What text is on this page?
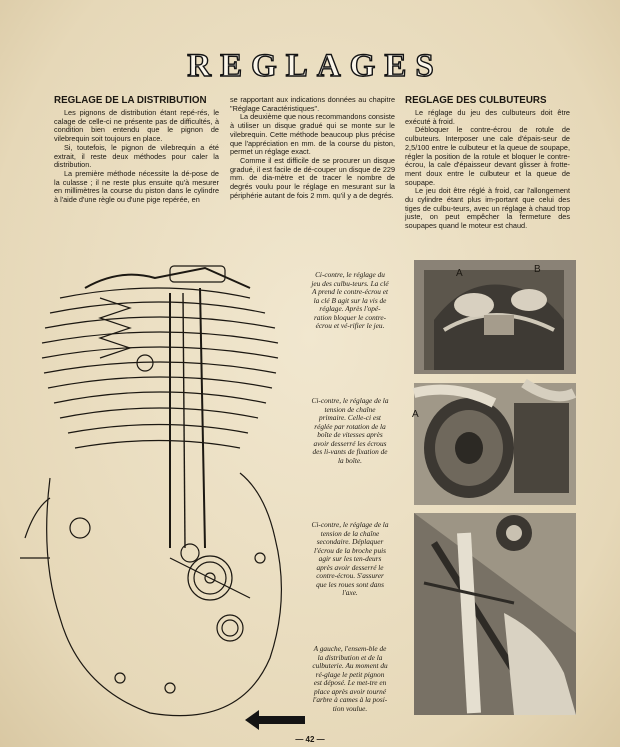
REGLAGES
REGLAGE DE LA DISTRIBUTION

Les pignons de distribution étant repé-rés, le calage de celle-ci ne présente pas de difficultés, à condition bien entendu que le pignon de vilebrequin soit toujours en place.

Si, toutefois, le pignon de vilebrequin a été extrait, il reste deux méthodes pour caler la distribution.

La première méthode nécessite la dé-pose de la culasse ; il ne reste plus ensuite qu'à mesurer en millimètres la course du piston dans le cylindre à l'aide d'une règle ou d'une pige repérée, en

se rapportant aux indications données au chapitre "Réglage Caractéristiques".

La deuxième que nous recommandons consiste à utiliser un disque gradué qui se monte sur le vilebrequin. Cette méthode beaucoup plus précise que l'appréciation en mm. de la course du piston, permet un réglage exact.

Comme il est difficile de se procurer un disque gradué, il est facile de dé-couper un disque de 229 mm. de dia-mètre et de tracer le nombre de degrés voulu pour le réglage en mesurant sur la périphérie autant de fois 2 mm. qu'il y a de degrés.

REGLAGE DES CULBUTEURS

Le réglage du jeu des culbuteurs doit être exécuté à froid.

Débloquer le contre-écrou de rotule de culbuteurs. Interposer une cale d'épais-seur de 2,5/100 entre le culbuteur et la queue de soupape, régler la position de la rotule et bloquer le contre-écrou, la cale d'épaisseur devant glisser à frotte-ment doux entre le culbuteur et la queue de soupape.

Le jeu doit être réglé à froid, car l'allongement du cylindre étant plus im-portant que celui des tiges de culbu-teurs, avec un réglage à chaud trop juste, on peut empêcher la fermeture des soupapes quand le moteur est chaud.

Ci-contre, le réglage du jeu des culbu-teurs. La clé A prend le contre-écrou et la clé B agit sur la vis de réglage. Après l'opé-ration bloquer le contre-écrou et vé-rifier le jeu.
Ci-contre, le réglage de la tension de chaîne primaire. Celle-ci est réglée par rotation de la boîte de vitesses après avoir desserré les écrous des li-vants de fixation de la boîte.
Ci-contre, le réglage de la tension de la chaîne secondaire. Déplaquer l'écrou de la broche puis agir sur les ten-deurs après avoir desserré le contre-écrou. S'assurer que les roues sont dans l'axe.
A gauche, l'ensem-ble de la distribution et de la culbuterie. Au moment du ré-glage le petit pignon est déposé. Le met-tre en place après avoir tourné l'arbre à cames à la posi-tion voulue.
A	B
A
— 42 —
